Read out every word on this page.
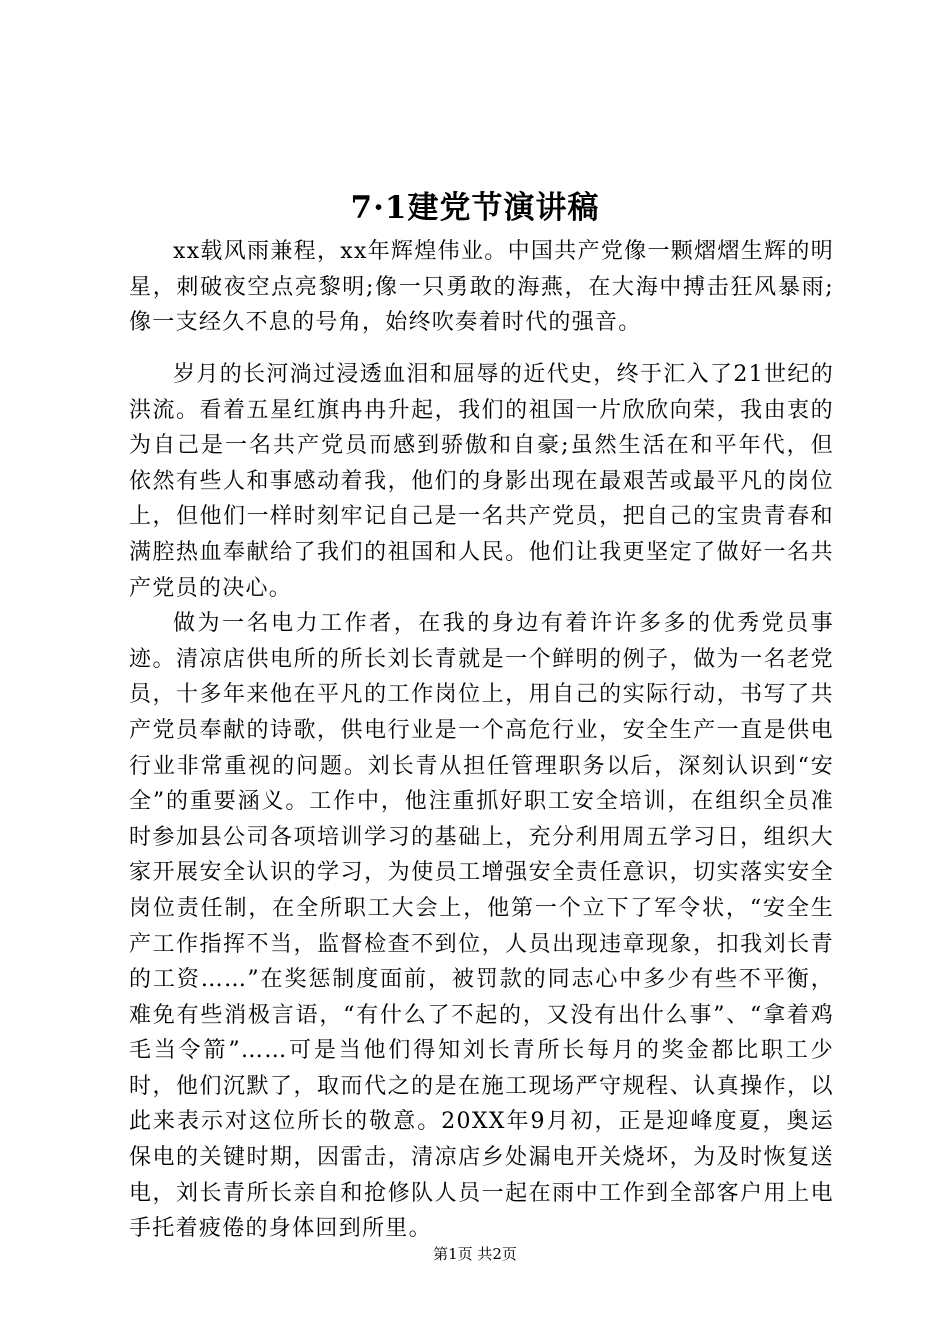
7·1建党节演讲稿

xx载风雨兼程，xx年辉煌伟业。中国共产党像一颗熠熠生辉的明星，刺破夜空点亮黎明;像一只勇敢的海燕，在大海中搏击狂风暴雨;像一支经久不息的号角，始终吹奏着时代的强音。

岁月的长河淌过浸透血泪和屈辱的近代史，终于汇入了21世纪的洪流。看着五星红旗冉冉升起，我们的祖国一片欣欣向荣，我由衷的为自己是一名共产党员而感到骄傲和自豪;虽然生活在和平年代，但依然有些人和事感动着我，他们的身影出现在最艰苦或最平凡的岗位上，但他们一样时刻牢记自己是一名共产党员，把自己的宝贵青春和满腔热血奉献给了我们的祖国和人民。他们让我更坚定了做好一名共产党员的决心。

做为一名电力工作者，在我的身边有着许许多多的优秀党员事迹。清凉店供电所的所长刘长青就是一个鲜明的例子，做为一名老党员，十多年来他在平凡的工作岗位上，用自己的实际行动，书写了共产党员奉献的诗歌，供电行业是一个高危行业，安全生产一直是供电行业非常重视的问题。刘长青从担任管理职务以后，深刻认识到“安全”的重要涵义。工作中，他注重抓好职工安全培训，在组织全员准时参加县公司各项培训学习的基础上，充分利用周五学习日，组织大家开展安全认识的学习，为使员工增强安全责任意识，切实落实安全岗位责任制，在全所职工大会上，他第一个立下了军令状，“安全生产工作指挥不当，监督检查不到位，人员出现违章现象，扣我刘长青的工资……”在奖惩制度面前，被罚款的同志心中多少有些不平衡，难免有些消极言语，“有什么了不起的，又没有出什么事”、“拿着鸡毛当令箭”……可是当他们得知刘长青所长每月的奖金都比职工少时，他们沉默了，取而代之的是在施工现场严守规程、认真操作，以此来表示对这位所长的敬意。20XX年9月初，正是迎峰度夏，奥运保电的关键时期，因雷击，清凉店乡处漏电开关烧坏，为及时恢复送电，刘长青所长亲自和抢修队人员一起在雨中工作到全部客户用上电手托着疲倦的身体回到所里。

第1页 共2页
